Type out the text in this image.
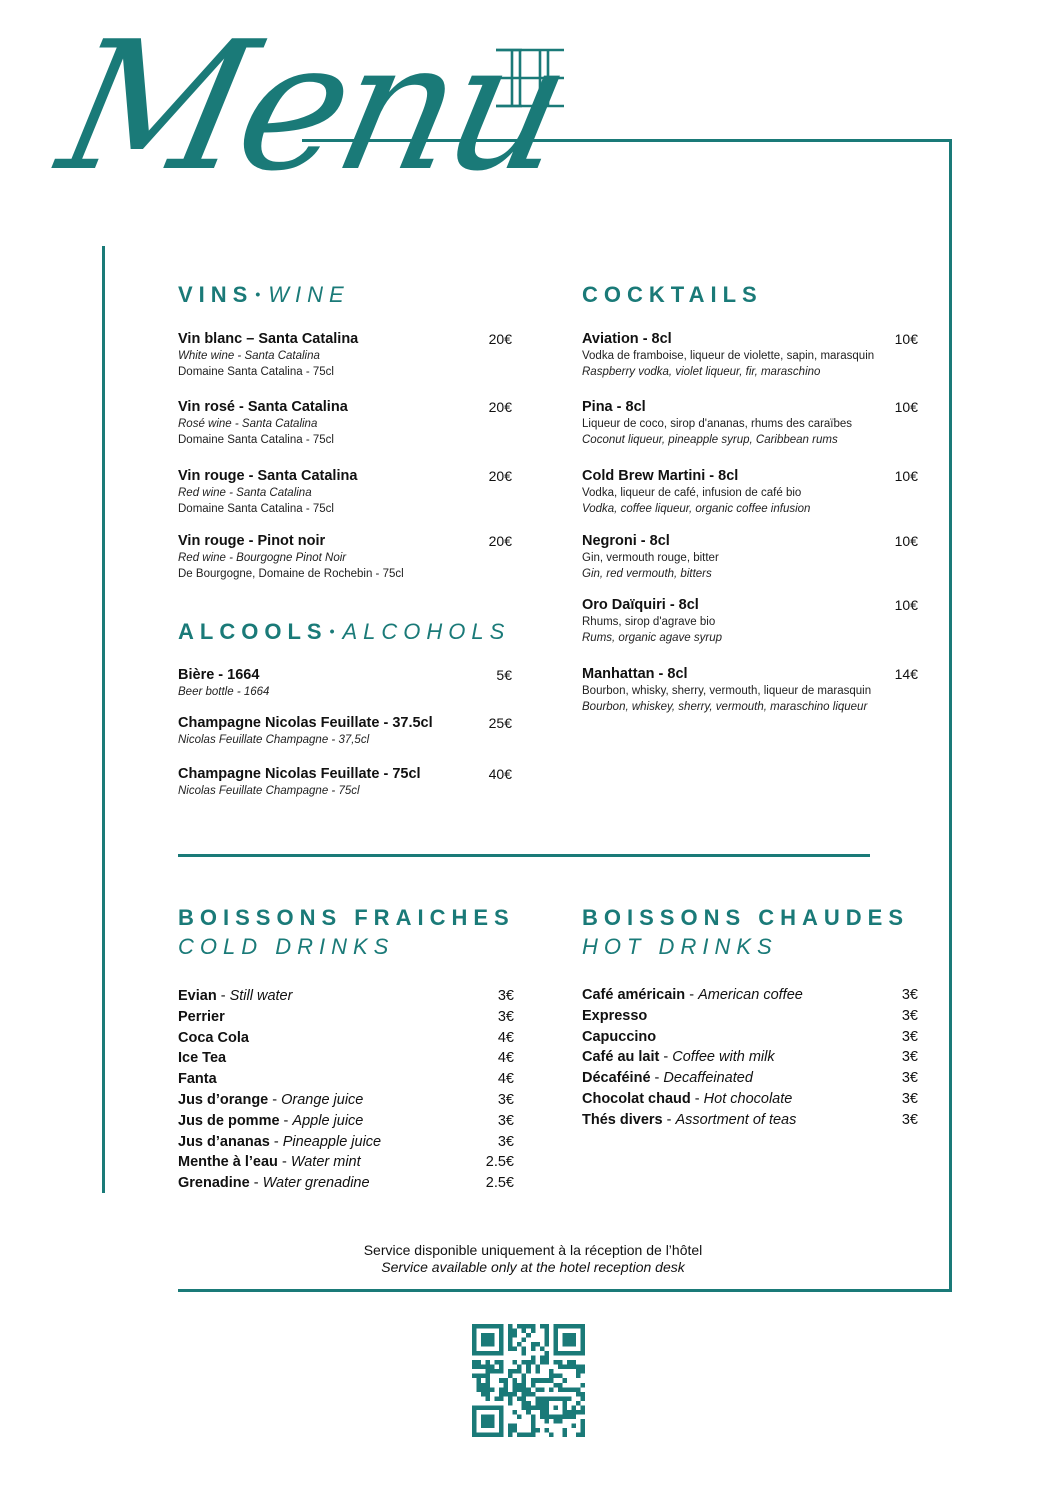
Menu
VINS •WINE
ALCOOLS •ALCOHOLS
COCKTAILS
BOISSONS FRAICHES
COLD DRINKS
BOISSONS CHAUDES
HOT DRINKS
Service disponible uniquement à la réception de l’hôtel
Service available only at the hotel reception desk
Vin blanc – Santa Catalina	20€
White wine - Santa Catalina
Domaine Santa Catalina - 75cl
Vin rosé - Santa Catalina	20€
Rosé wine - Santa Catalina
Domaine Santa Catalina - 75cl
Vin rouge - Santa Catalina	20€
Red wine - Santa Catalina
Domaine Santa Catalina - 75cl
Vin rouge - Pinot noir	20€
Red wine - Bourgogne Pinot Noir
De Bourgogne, Domaine de Rochebin - 75cl
Bière - 1664	5€
Beer bottle - 1664
Champagne Nicolas Feuillate - 37.5cl	25€
Nicolas Feuillate Champagne - 37,5cl
Champagne Nicolas Feuillate - 75cl	40€
Nicolas Feuillate Champagne - 75cl
Aviation - 8cl	10€
Vodka de framboise, liqueur de violette, sapin, marasquin
Raspberry vodka, violet liqueur, fir, maraschino
Pina - 8cl	10€
Liqueur de coco, sirop d'ananas, rhums des caraïbes
Coconut liqueur, pineapple syrup, Caribbean rums
Cold Brew Martini - 8cl	10€
Vodka, liqueur de café, infusion de café bio
Vodka, coffee liqueur, organic coffee infusion
Negroni - 8cl	10€
Gin, vermouth rouge, bitter
Gin, red vermouth, bitters
Oro Daïquiri - 8cl	10€
Rhums, sirop d'agrave bio
Rums, organic agave syrup
Manhattan - 8cl	14€
Bourbon, whisky, sherry, vermouth, liqueur de marasquin
Bourbon, whiskey, sherry, vermouth, maraschino liqueur
Evian - Still water	3€
Perrier	3€
Coca Cola	4€
Ice Tea	4€
Fanta	4€
Jus d’orange - Orange juice	3€
Jus de pomme - Apple juice	3€
Jus d’ananas - Pineapple juice	3€
Menthe à l’eau - Water mint	2.5€
Grenadine - Water grenadine	2.5€
Café américain - American coffee	3€
Expresso	3€
Capuccino	3€
Café au lait - Coffee with milk	3€
Décaféiné - Decaffeinated	3€
Chocolat chaud - Hot chocolate	3€
Thés divers - Assortment of teas	3€
